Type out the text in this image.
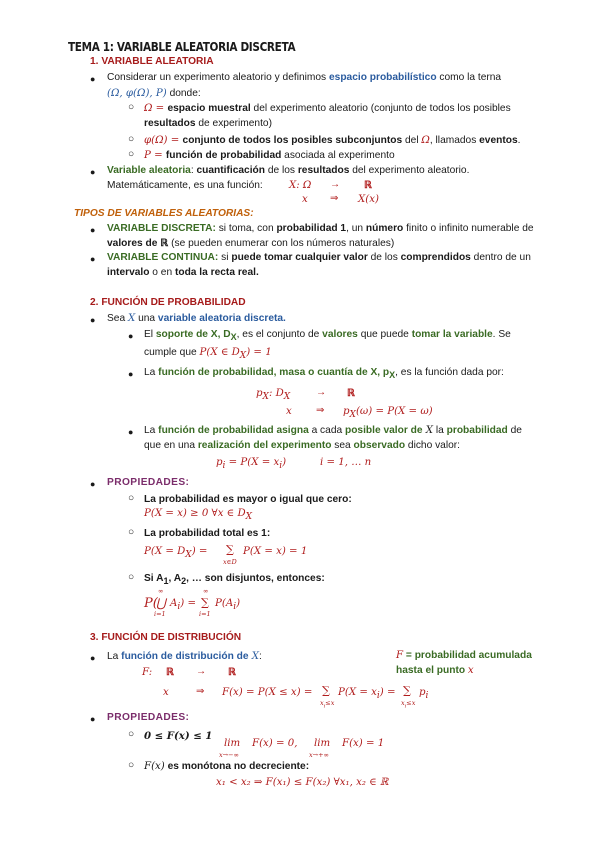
TEMA 1: VARIABLE ALEATORIA DISCRETA
1. VARIABLE ALEATORIA
● Considerar un experimento aleatorio y definimos espacio probabilístico como la terna
(Ω, φ(Ω), P) donde:
○ Ω = espacio muestral del experimento aleatorio (conjunto de todos los posibles
resultados de experimento)
○ φ(Ω) = conjunto de todos los posibles subconjuntos del Ω, llamados eventos.
○ P = función de probabilidad asociada al experimento
● Variable aleatoria: cuantificación de los resultados del experimento aleatorio.
Matemáticamente, es una función:	X: Ω → ℝ
x ⇒ X(x)
TIPOS DE VARIABLES ALEATORIAS:
● VARIABLE DISCRETA: si toma, con probabilidad 1, un número finito o infinito numerable de
valores de ℝ (se pueden enumerar con los números naturales)
● VARIABLE CONTINUA: si puede tomar cualquier valor de los comprendidos dentro de un
intervalo o en toda la recta real.
2. FUNCIÓN DE PROBABILIDAD
● Sea X una variable aleatoria discreta.
● El soporte de X, $D_X$, es el conjunto de valores que puede tomar la variable. Se
cumple que P(X ∈ $D_X) = 1$
● La función de probabilidad, masa o cuantía de X, $p_X$, es la función dada por:
$p_X$: $D_X$	→ ℝ
x ⇒ $p_X(\omega) = P(X = \omega)$
● La función de probabilidad asigna a cada posible valor de X la probabilidad de
que en una realización del experimento sea observado dicho valor:
$p_i = P(X = x_i)$	i = 1, … n
● PROPIEDADES:
○ La probabilidad es mayor o igual que cero:
P(X = x) ≥ 0 ∀x ∈ $D_X$
○ La probabilidad total es 1:
$P(X = D_X)$ = ∑
x∈D
P(X = x) = 1
○ Si $A_1$, $A_2$, … son disjuntos, entonces:
P(
⋃
∞
i=1
$A_i$) = ∑
∞
i=1
$P(A_i)$
3. FUNCIÓN DE DISTRIBUCIÓN
● La función de distribución de X:	F = probabilidad acumulada
hasta el punto x
F: ℝ → ℝ
x	⇒ F(x) = P(X ≤ x) = ∑
$x_i\le x$
$P(X = x_i)$ = ∑
$x_i\le x$
$p_i$
● PROPIEDADES:
○ 0 ≤ F(x) ≤ 1
lim
x→−∞
F(x) = 0, lim
x→+∞
F(x) = 1
○ F(x) es monótona no decreciente:
x₁ < x₂ ⇒ F(x₁) ≤ F(x₂) ∀x₁, x₂ ∈ ℝ
